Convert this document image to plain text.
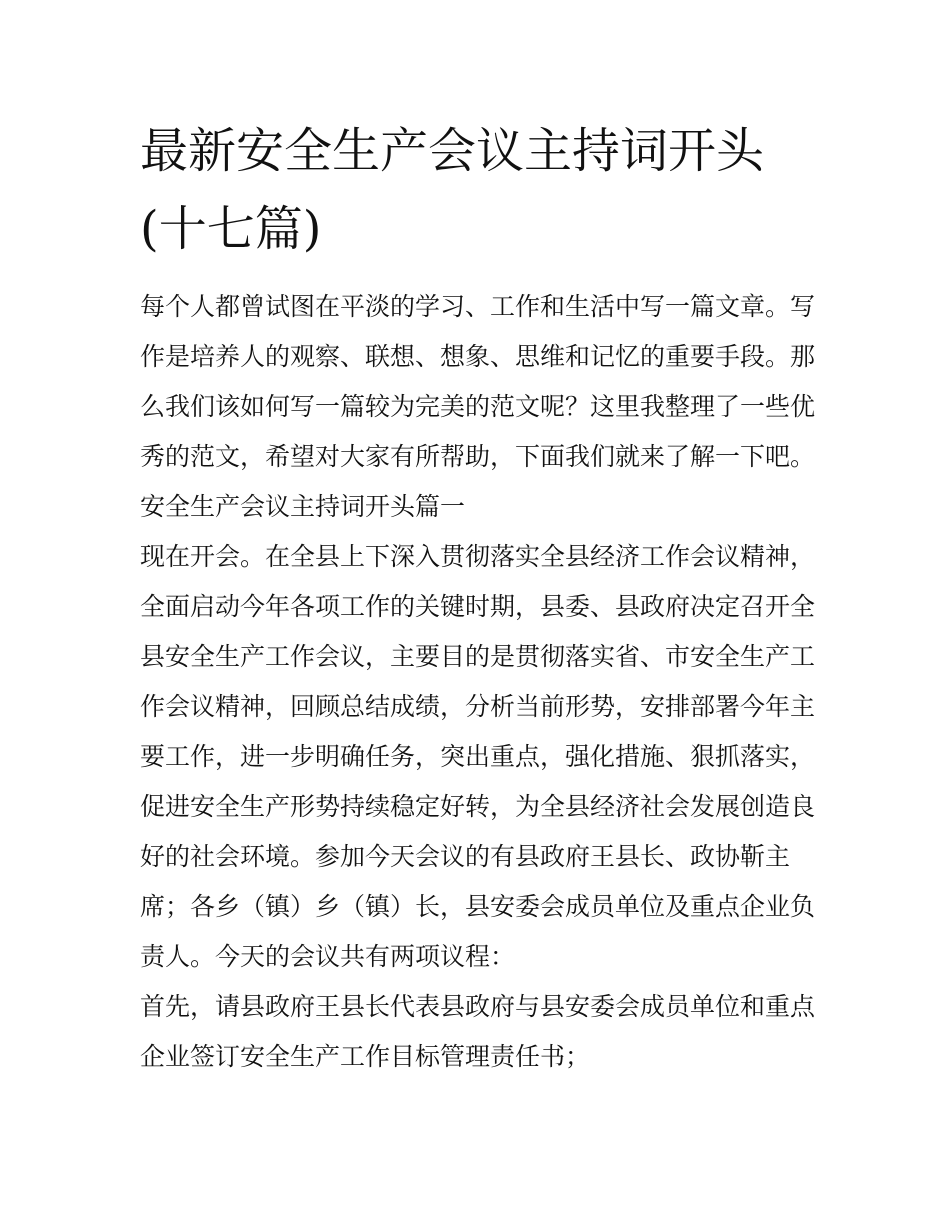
最新安全生产会议主持词开头
(十七篇)
每个人都曾试图在平淡的学习、工作和生活中写一篇文章。写
作是培养人的观察、联想、想象、思维和记忆的重要手段。那
么我们该如何写一篇较为完美的范文呢？这里我整理了一些优
秀的范文，希望对大家有所帮助，下面我们就来了解一下吧。
安全生产会议主持词开头篇一
现在开会。在全县上下深入贯彻落实全县经济工作会议精神，
全面启动今年各项工作的关键时期，县委、县政府决定召开全
县安全生产工作会议，主要目的是贯彻落实省、市安全生产工
作会议精神，回顾总结成绩，分析当前形势，安排部署今年主
要工作，进一步明确任务，突出重点，强化措施、狠抓落实，
促进安全生产形势持续稳定好转，为全县经济社会发展创造良
好的社会环境。参加今天会议的有县政府王县长、政协靳主
席；各乡（镇）乡（镇）长，县安委会成员单位及重点企业负
责人。今天的会议共有两项议程：
首先，请县政府王县长代表县政府与县安委会成员单位和重点
企业签订安全生产工作目标管理责任书；
